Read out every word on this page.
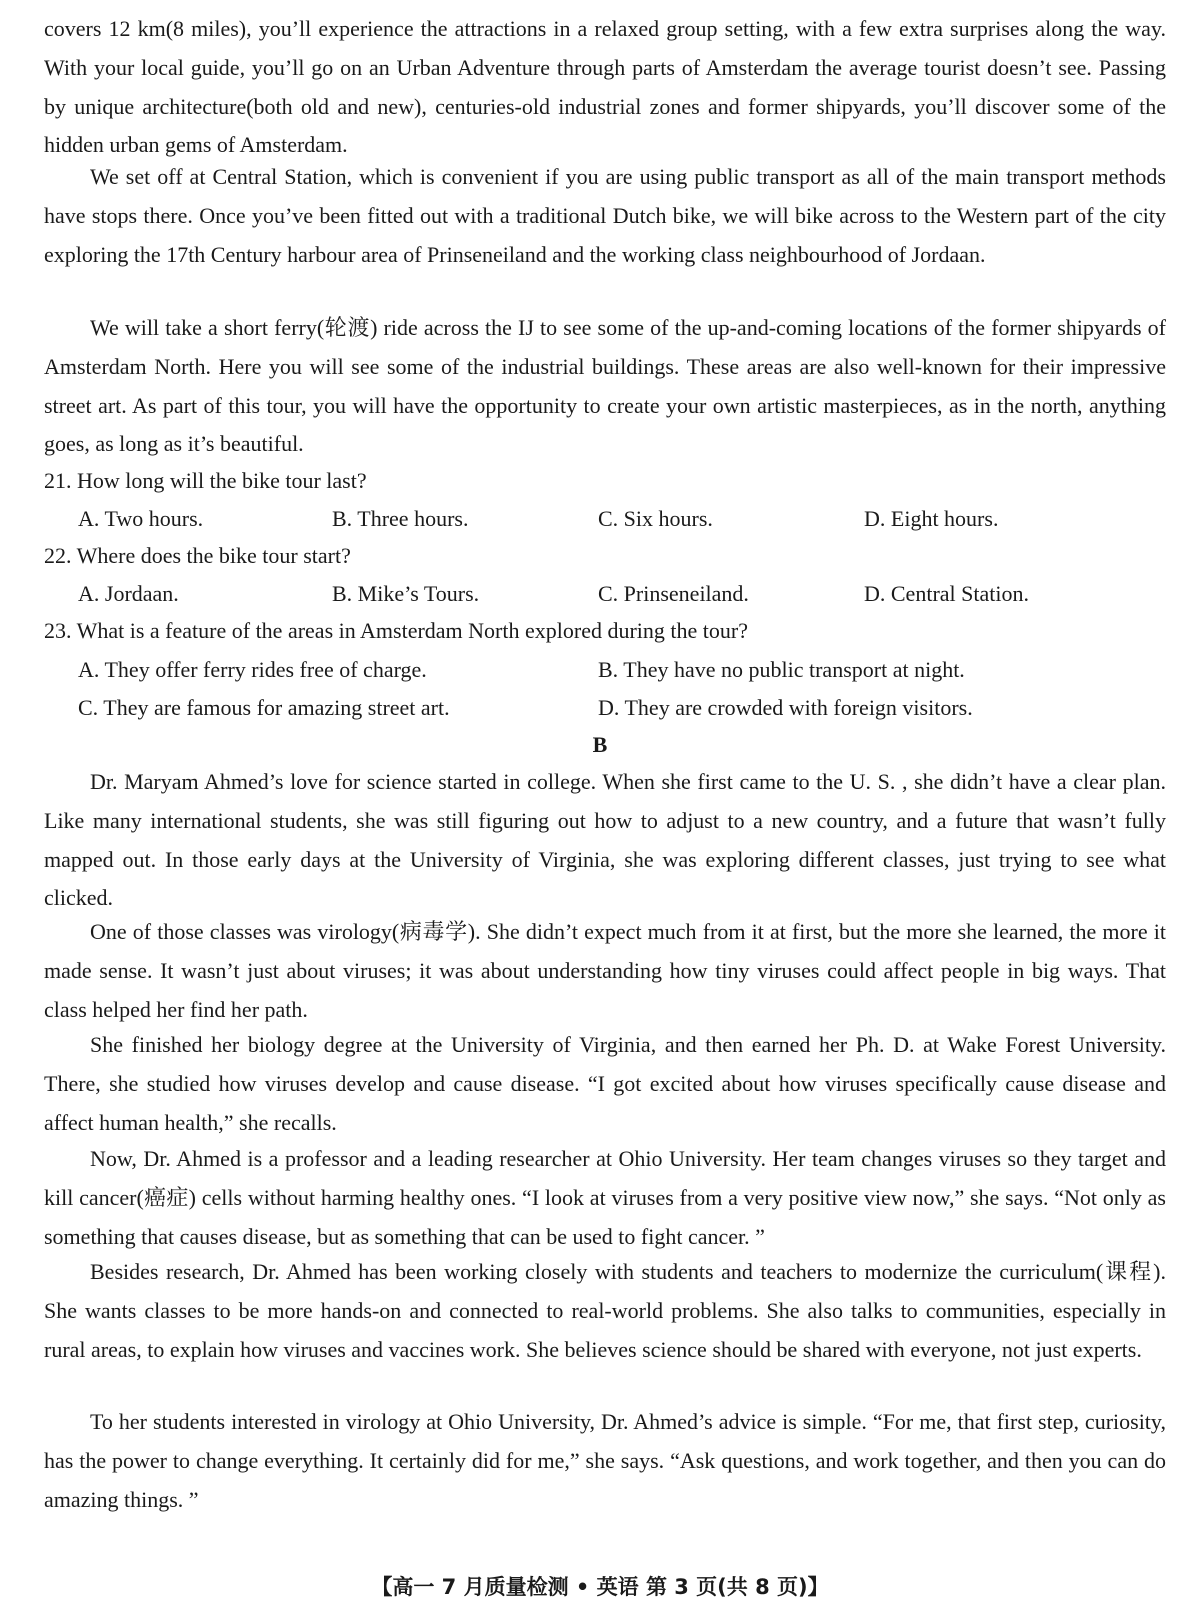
covers 12 km(8 miles), you’ll experience the attractions in a relaxed group setting, with a few extra surprises along the way. With your local guide, you’ll go on an Urban Adventure through parts of Amsterdam the average tourist doesn’t see. Passing by unique architecture(both old and new), centuries-old industrial zones and former shipyards, you’ll discover some of the hidden urban gems of Amsterdam.

We set off at Central Station, which is convenient if you are using public transport as all of the main transport methods have stops there. Once you’ve been fitted out with a traditional Dutch bike, we will bike across to the Western part of the city exploring the 17th Century harbour area of Prinseneiland and the working class neighbourhood of Jordaan.

We will take a short ferry(轮渡) ride across the IJ to see some of the up-and-coming locations of the former shipyards of Amsterdam North. Here you will see some of the industrial buildings. These areas are also well-known for their impressive street art. As part of this tour, you will have the opportunity to create your own artistic masterpieces, as in the north, anything goes, as long as it’s beautiful.

21. How long will the bike tour last?

A. Two hours.	B. Three hours.	C. Six hours.	D. Eight hours.

22. Where does the bike tour start?

A. Jordaan.	B. Mike’s Tours.	C. Prinseneiland.	D. Central Station.

23. What is a feature of the areas in Amsterdam North explored during the tour?

A. They offer ferry rides free of charge.	B. They have no public transport at night.

C. They are famous for amazing street art.	D. They are crowded with foreign visitors.

B

Dr. Maryam Ahmed’s love for science started in college. When she first came to the U. S. , she didn’t have a clear plan. Like many international students, she was still figuring out how to adjust to a new country, and a future that wasn’t fully mapped out. In those early days at the University of Virginia, she was exploring different classes, just trying to see what clicked.

One of those classes was virology(病毒学). She didn’t expect much from it at first, but the more she learned, the more it made sense. It wasn’t just about viruses; it was about understanding how tiny viruses could affect people in big ways. That class helped her find her path.

She finished her biology degree at the University of Virginia, and then earned her Ph. D. at Wake Forest University. There, she studied how viruses develop and cause disease. “I got excited about how viruses specifically cause disease and affect human health,” she recalls.

Now, Dr. Ahmed is a professor and a leading researcher at Ohio University. Her team changes viruses so they target and kill cancer(癌症) cells without harming healthy ones. “I look at viruses from a very positive view now,” she says. “Not only as something that causes disease, but as something that can be used to fight cancer. ”

Besides research, Dr. Ahmed has been working closely with students and teachers to modernize the curriculum(课程). She wants classes to be more hands-on and connected to real-world problems. She also talks to communities, especially in rural areas, to explain how viruses and vaccines work. She believes science should be shared with everyone, not just experts.

To her students interested in virology at Ohio University, Dr. Ahmed’s advice is simple. “For me, that first step, curiosity, has the power to change everything. It certainly did for me,” she says. “Ask questions, and work together, and then you can do amazing things. ”

【高一 7 月质量检测 • 英语 第 3 页(共 8 页)】
